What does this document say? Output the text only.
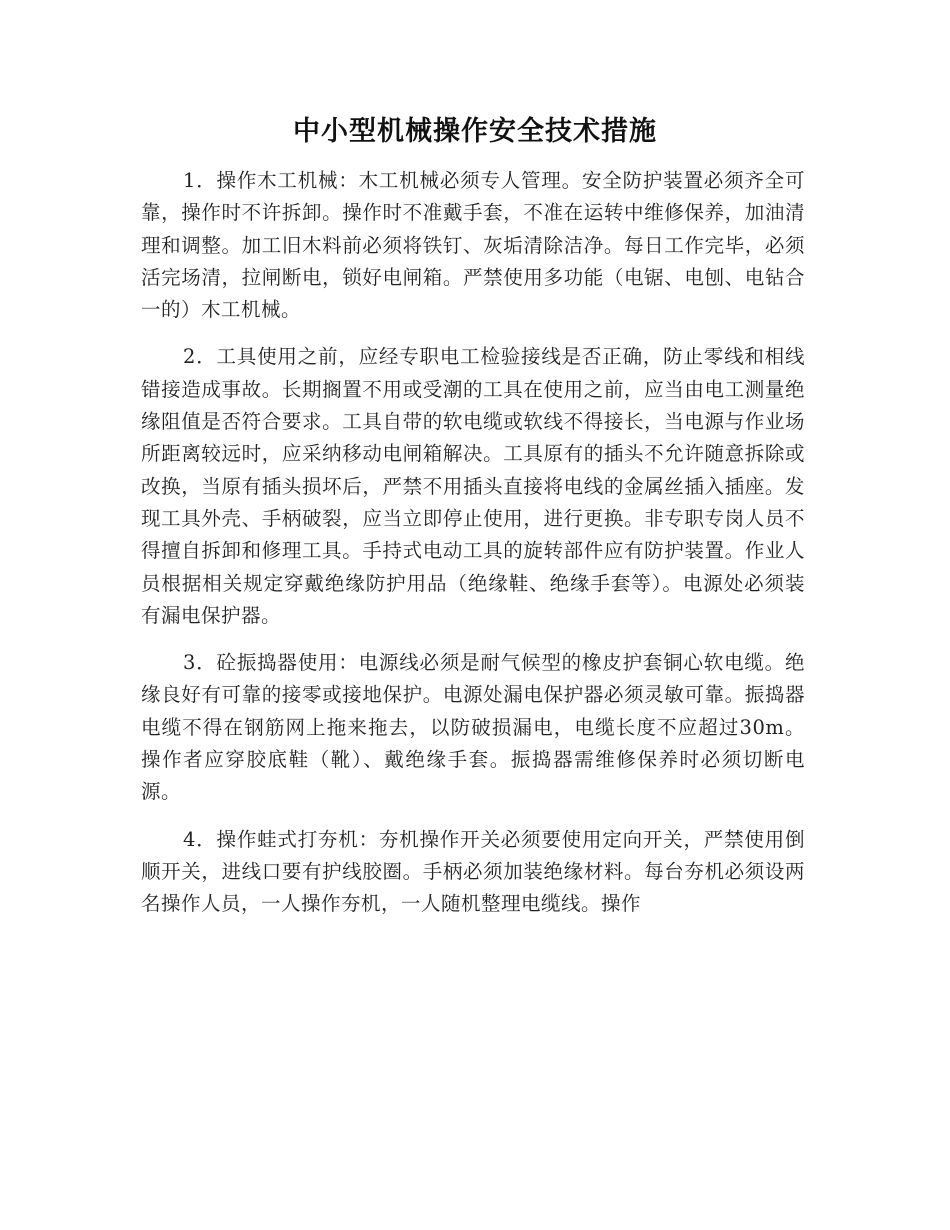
中小型机械操作安全技术措施

1．操作木工机械：木工机械必须专人管理。安全防护装置必须齐全可靠，操作时不许拆卸。操作时不准戴手套，不准在运转中维修保养，加油清理和调整。加工旧木料前必须将铁钉、灰垢清除洁净。每日工作完毕，必须活完场清，拉闸断电，锁好电闸箱。严禁使用多功能（电锯、电刨、电钻合一的）木工机械。

2．工具使用之前，应经专职电工检验接线是否正确，防止零线和相线错接造成事故。长期搁置不用或受潮的工具在使用之前，应当由电工测量绝缘阻值是否符合要求。工具自带的软电缆或软线不得接长，当电源与作业场所距离较远时，应采纳移动电闸箱解决。工具原有的插头不允许随意拆除或改换，当原有插头损坏后，严禁不用插头直接将电线的金属丝插入插座。发现工具外壳、手柄破裂，应当立即停止使用，进行更换。非专职专岗人员不得擅自拆卸和修理工具。手持式电动工具的旋转部件应有防护装置。作业人员根据相关规定穿戴绝缘防护用品（绝缘鞋、绝缘手套等）。电源处必须装有漏电保护器。

3．砼振捣器使用：电源线必须是耐气候型的橡皮护套铜心软电缆。绝缘良好有可靠的接零或接地保护。电源处漏电保护器必须灵敏可靠。振捣器电缆不得在钢筋网上拖来拖去，以防破损漏电，电缆长度不应超过30m。操作者应穿胶底鞋（靴）、戴绝缘手套。振捣器需维修保养时必须切断电源。

4．操作蛙式打夯机：夯机操作开关必须要使用定向开关，严禁使用倒顺开关，进线口要有护线胶圈。手柄必须加装绝缘材料。每台夯机必须设两名操作人员，一人操作夯机，一人随机整理电缆线。操作
